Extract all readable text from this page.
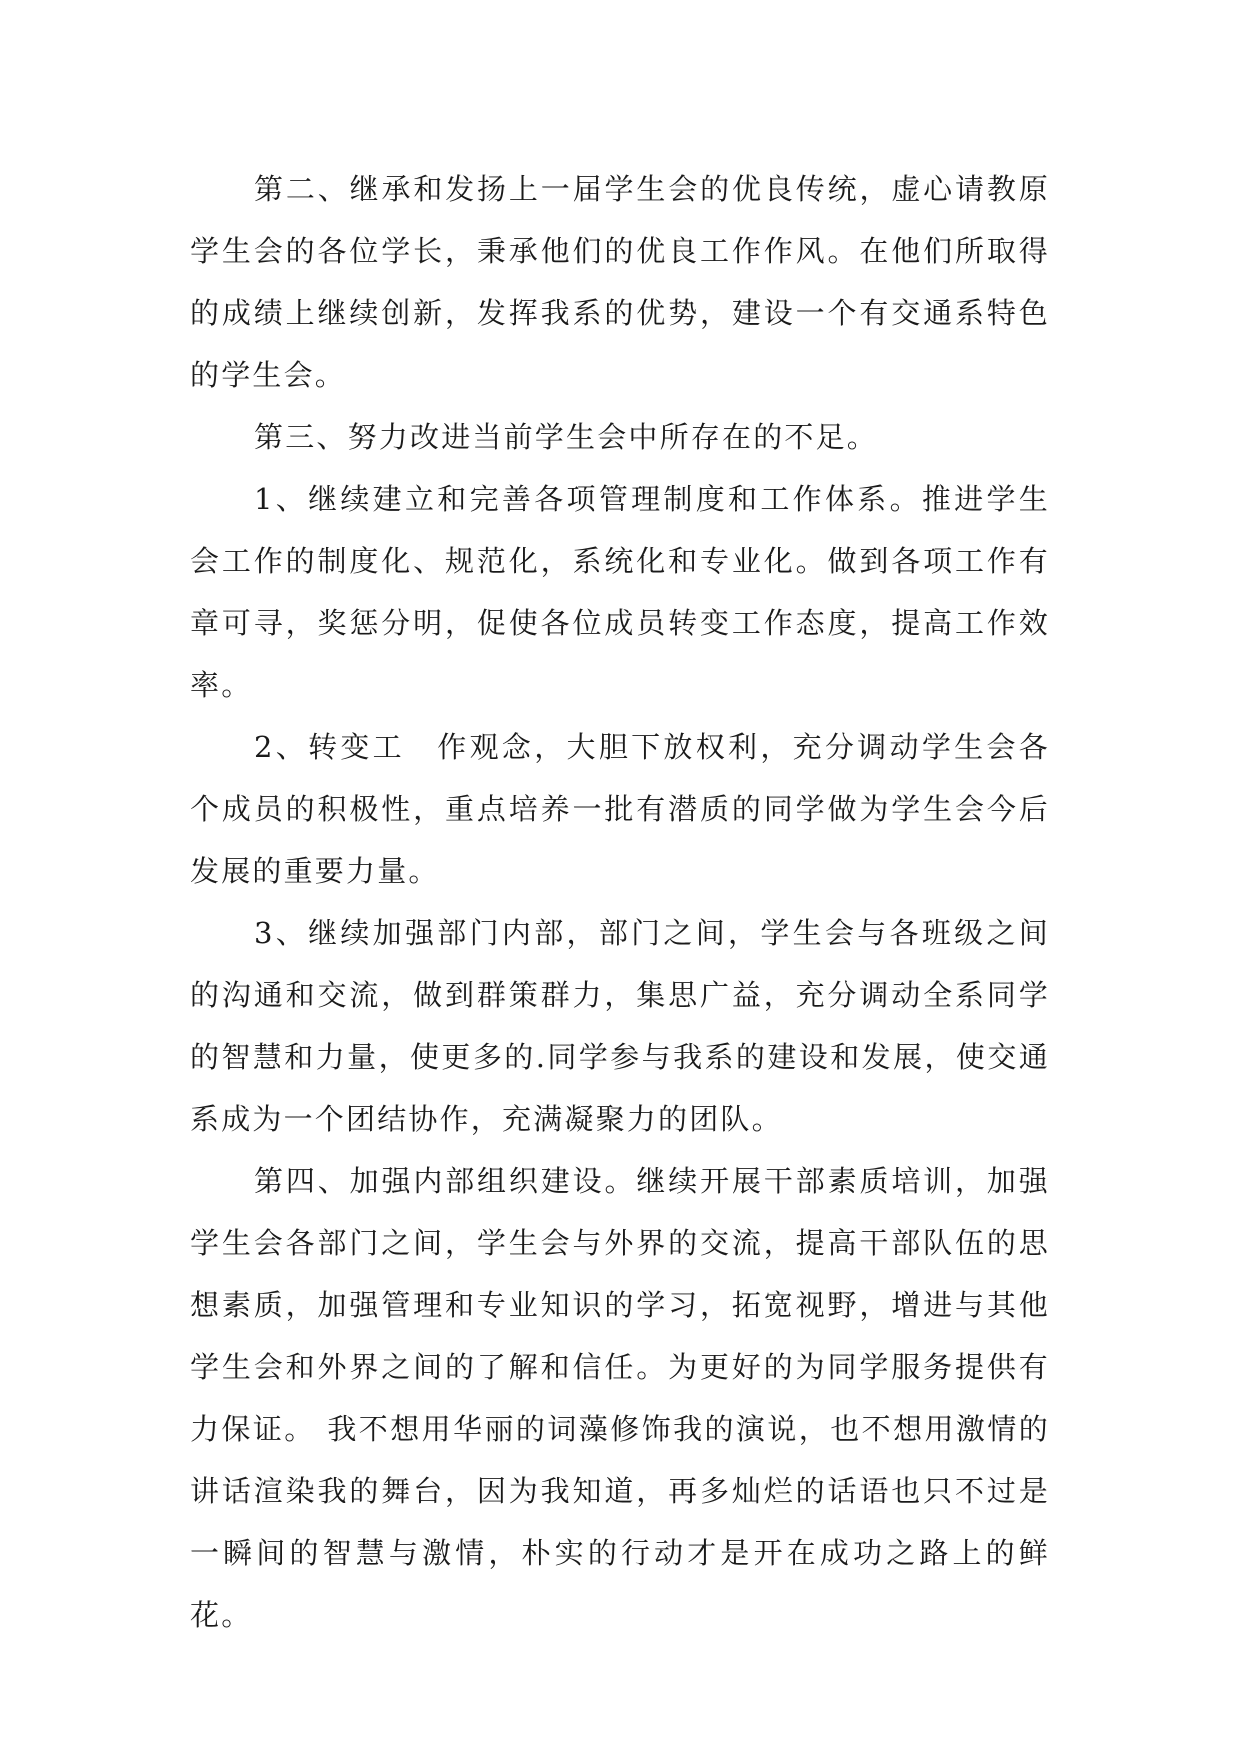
第二、继承和发扬上一届学生会的优良传统，虚心请教原学生会的各位学长，秉承他们的优良工作作风。在他们所取得的成绩上继续创新，发挥我系的优势，建设一个有交通系特色的学生会。

第三、努力改进当前学生会中所存在的不足。

1、继续建立和完善各项管理制度和工作体系。推进学生会工作的制度化、规范化，系统化和专业化。做到各项工作有章可寻，奖惩分明，促使各位成员转变工作态度，提高工作效率。

2、转变工　作观念，大胆下放权利，充分调动学生会各个成员的积极性，重点培养一批有潜质的同学做为学生会今后发展的重要力量。

3、继续加强部门内部，部门之间，学生会与各班级之间的沟通和交流，做到群策群力，集思广益，充分调动全系同学的智慧和力量，使更多的.同学参与我系的建设和发展，使交通系成为一个团结协作，充满凝聚力的团队。

第四、加强内部组织建设。继续开展干部素质培训，加强学生会各部门之间，学生会与外界的交流，提高干部队伍的思想素质，加强管理和专业知识的学习，拓宽视野，增进与其他学生会和外界之间的了解和信任。为更好的为同学服务提供有力保证。 我不想用华丽的词藻修饰我的演说，也不想用激情的讲话渲染我的舞台，因为我知道，再多灿烂的话语也只不过是一瞬间的智慧与激情，朴实的行动才是开在成功之路上的鲜花。
